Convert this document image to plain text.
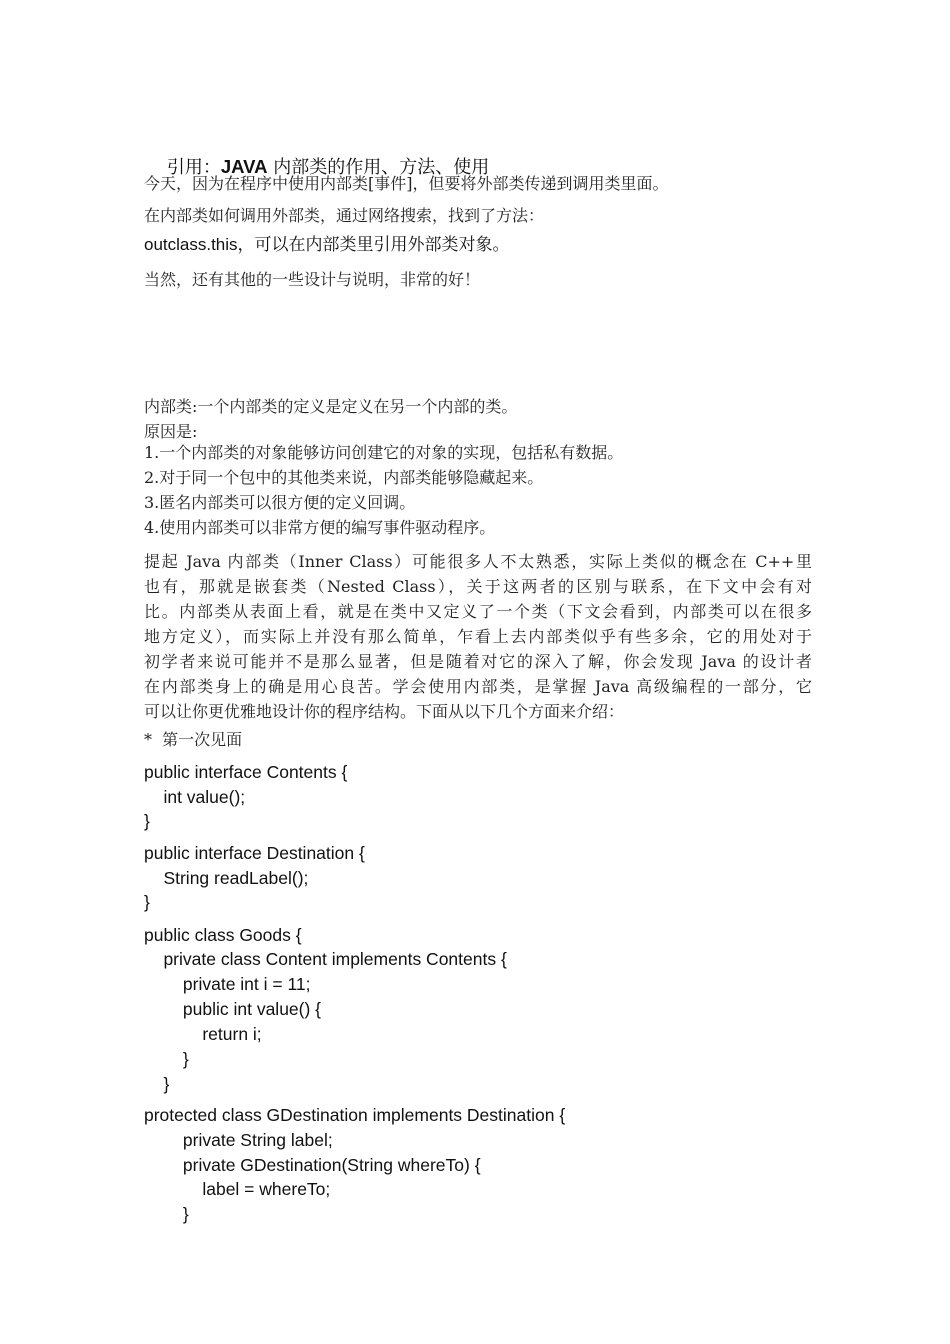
引用：JAVA 内部类的作用、方法、使用

今天，因为在程序中使用内部类[事件]，但要将外部类传递到调用类里面。
在内部类如何调用外部类，通过网络搜索，找到了方法：
outclass.this，可以在内部类里引用外部类对象。
当然，还有其他的一些设计与说明，非常的好！
内部类:一个内部类的定义是定义在另一个内部的类。
原因是:
1.一个内部类的对象能够访问创建它的对象的实现，包括私有数据。
2.对于同一个包中的其他类来说，内部类能够隐藏起来。
3.匿名内部类可以很方便的定义回调。
4.使用内部类可以非常方便的编写事件驱动程序。
提起 Java 内部类（Inner Class）可能很多人不太熟悉，实际上类似的概念在 C++里
也有，那就是嵌套类（Nested Class），关于这两者的区别与联系，在下文中会有对
比。内部类从表面上看，就是在类中又定义了一个类（下文会看到，内部类可以在很多
地方定义），而实际上并没有那么简单，乍看上去内部类似乎有些多余，它的用处对于
初学者来说可能并不是那么显著，但是随着对它的深入了解，你会发现 Java 的设计者
在内部类身上的确是用心良苦。学会使用内部类，是掌握 Java 高级编程的一部分，它
可以让你更优雅地设计你的程序结构。下面从以下几个方面来介绍：
*  第一次见面
public interface Contents {
int value();
}
public interface Destination {
String readLabel();
}
public class Goods {
private class Content implements Contents {
private int i = 11;
public int value() {
return i;
}
}
protected class GDestination implements Destination {
private String label;
private GDestination(String whereTo) {
label = whereTo;
}
